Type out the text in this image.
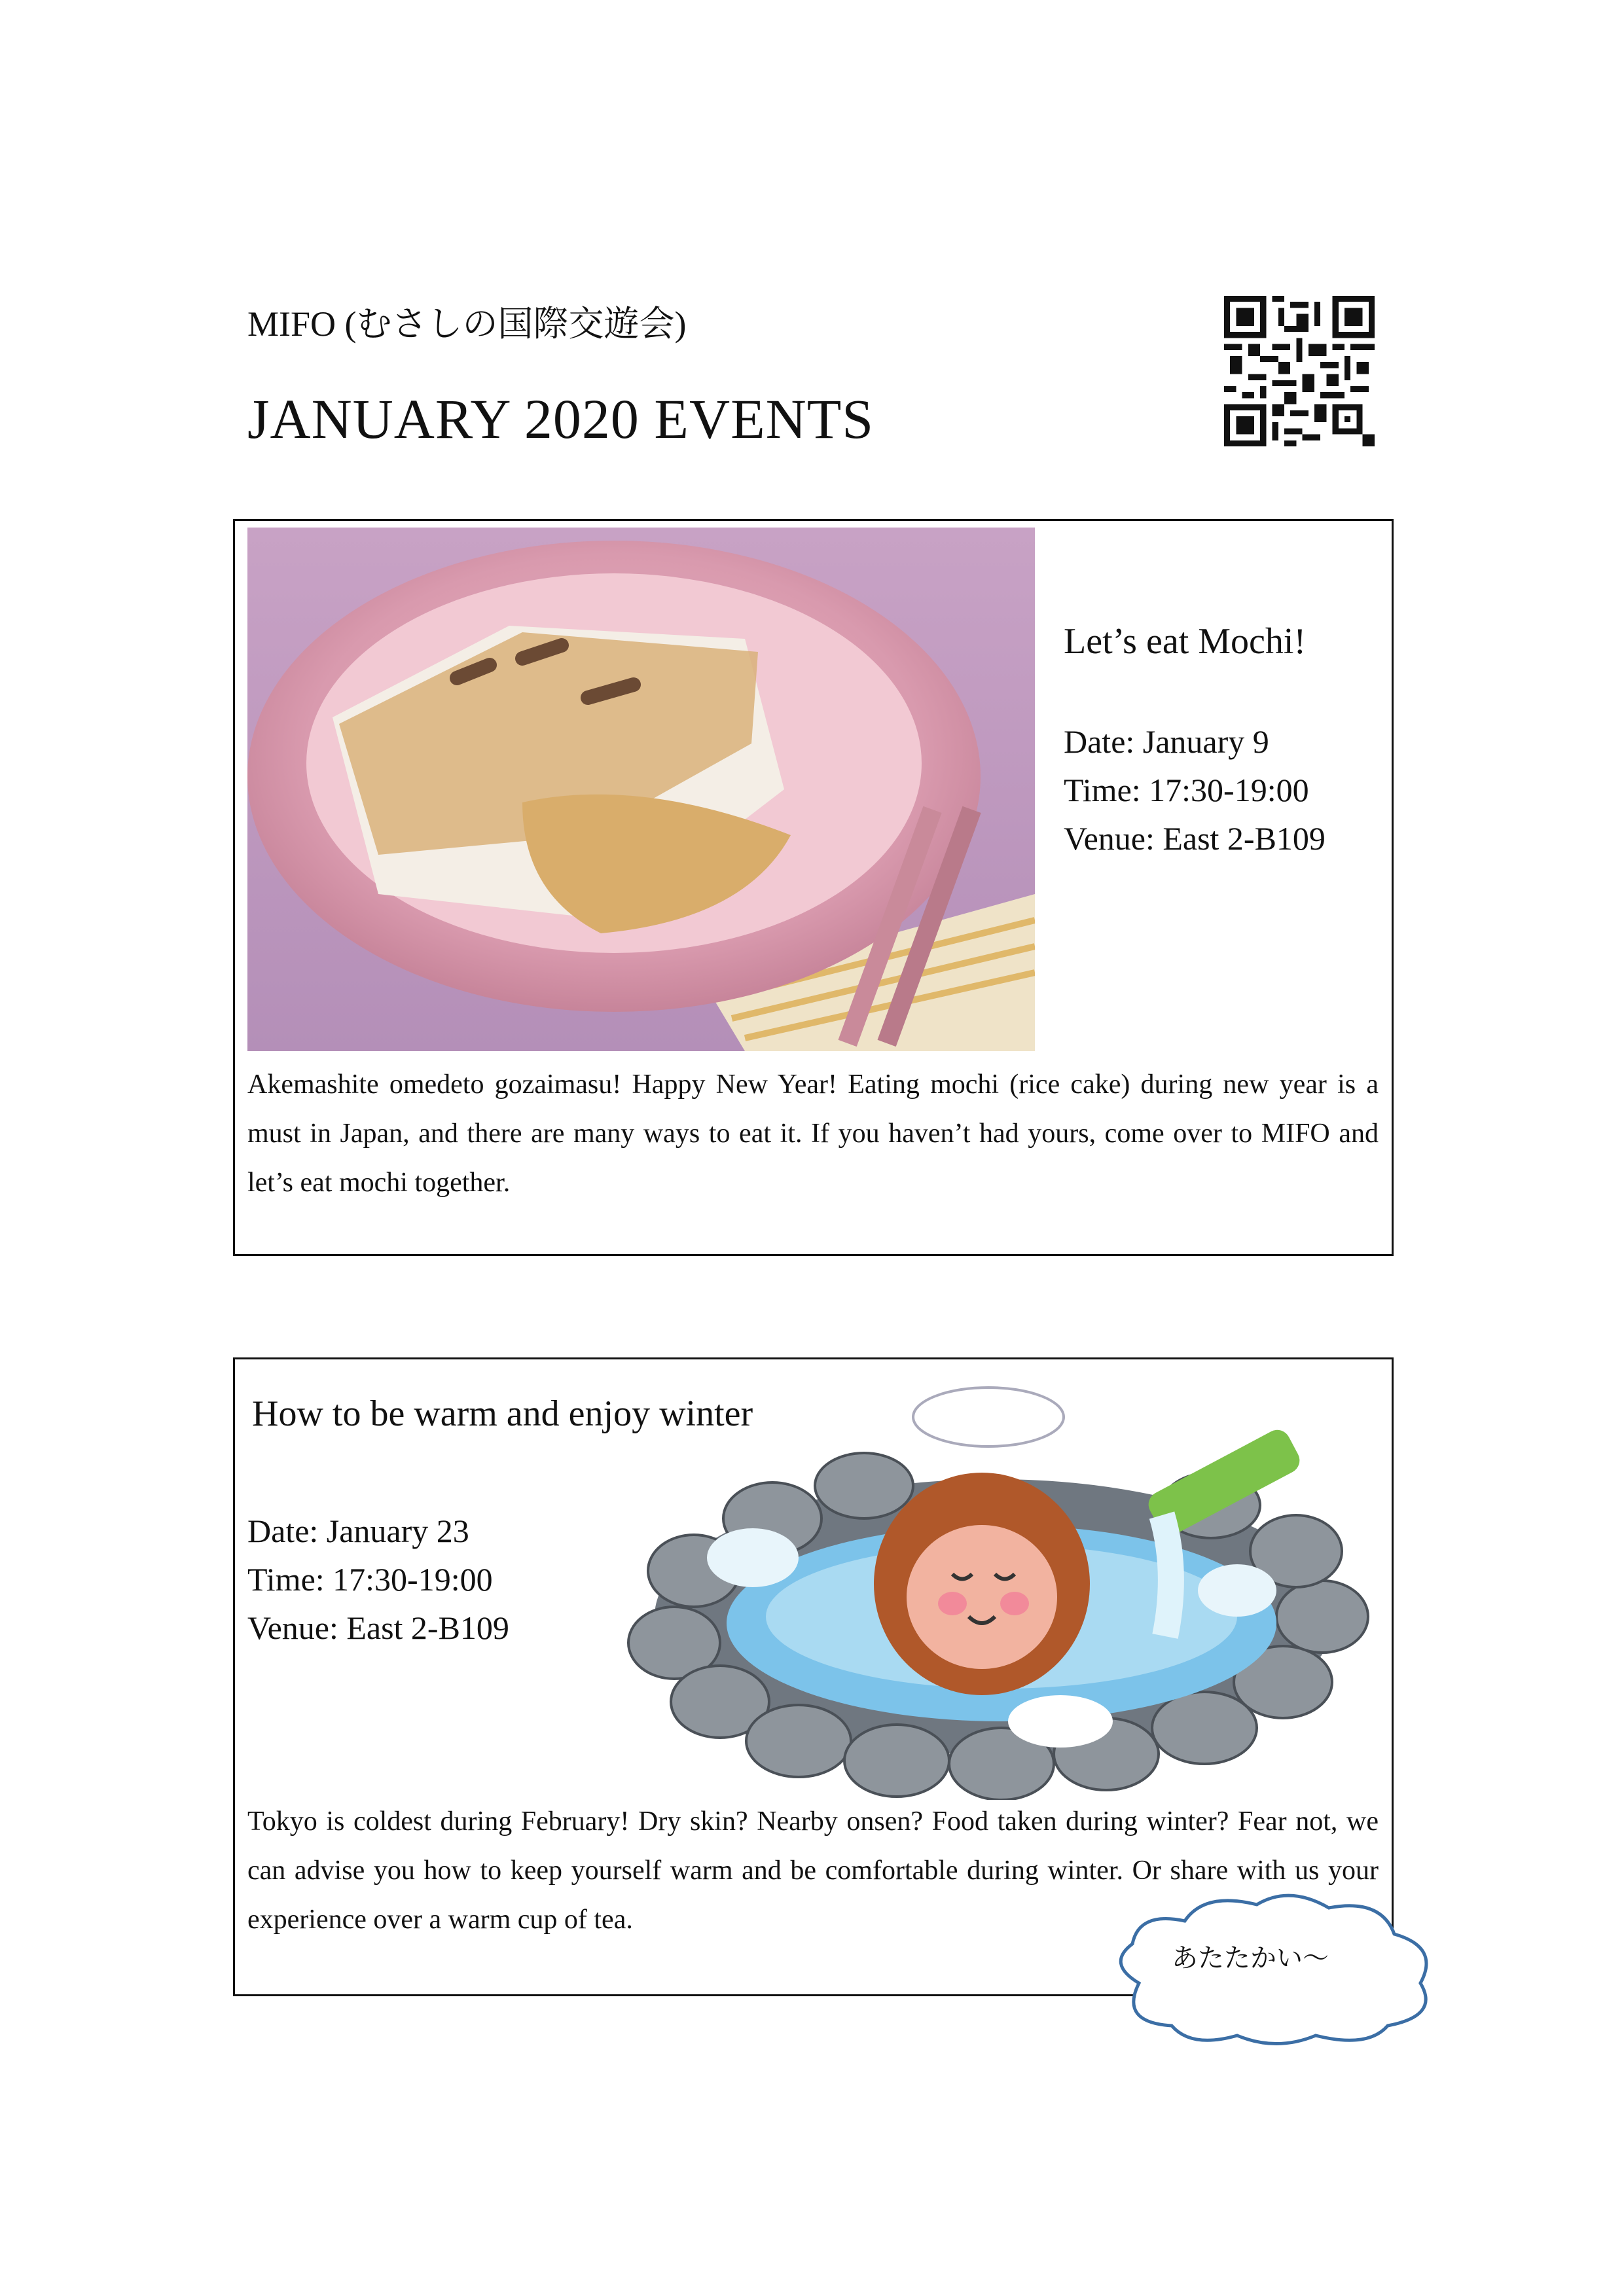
MIFO (むさしの国際交遊会)
JANUARY 2020 EVENTS
Let’s eat Mochi!
Date: January 9
Time: 17:30-19:00
Venue: East 2-B109
Akemashite omedeto gozaimasu! Happy New Year! Eating mochi (rice cake) during new year is a must in Japan, and there are many ways to eat it. If you haven’t had yours, come over to MIFO and let’s eat mochi together.
How to be warm and enjoy winter
Date: January 23
Time: 17:30-19:00
Venue: East 2-B109
Tokyo is coldest during February! Dry skin? Nearby onsen? Food taken during winter? Fear not, we can advise you how to keep yourself warm and be comfortable during winter. Or share with us your experience over a warm cup of tea.
あたたかい〜
